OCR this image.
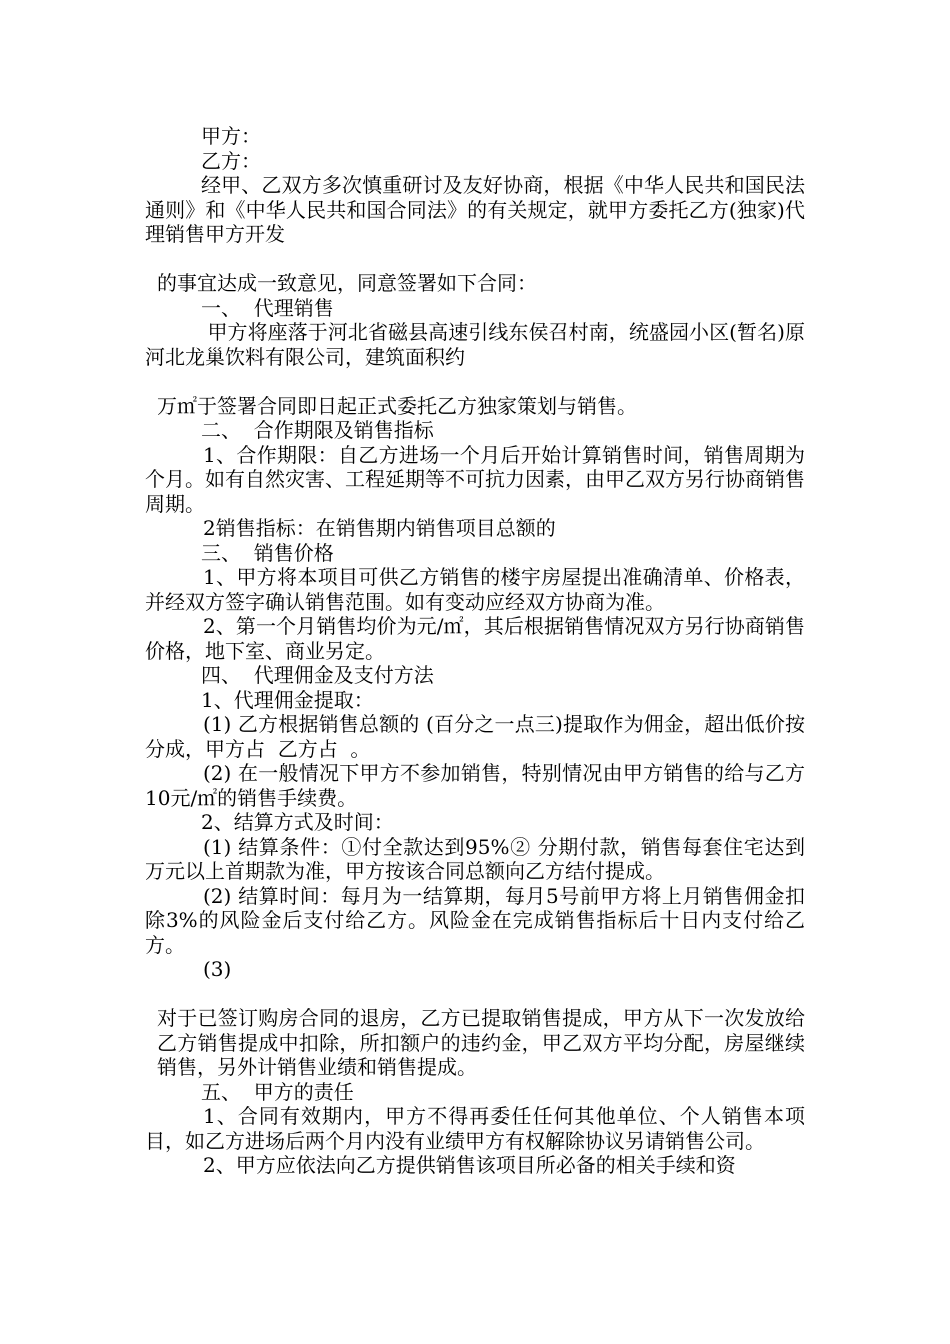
甲方：

乙方：

经甲、乙双方多次慎重研讨及友好协商，根据《中华人民共和国民法通则》和《中华人民共和国合同法》的有关规定，就甲方委托乙方(独家)代理销售甲方开发

的事宜达成一致意见，同意签署如下合同：

一、  代理销售

甲方将座落于河北省磁县高速引线东侯召村南，统盛园小区(暂名)原河北龙巢饮料有限公司，建筑面积约

万㎡于签署合同即日起正式委托乙方独家策划与销售。

二、  合作期限及销售指标

1、合作期限：自乙方进场一个月后开始计算销售时间，销售周期为个月。如有自然灾害、工程延期等不可抗力因素，由甲乙双方另行协商销售周期。

2销售指标：在销售期内销售项目总额的

三、  销售价格

1、甲方将本项目可供乙方销售的楼宇房屋提出准确清单、价格表，并经双方签字确认销售范围。如有变动应经双方协商为准。

2、第一个月销售均价为元/㎡，其后根据销售情况双方另行协商销售价格，地下室、商业另定。

四、  代理佣金及支付方法

1、代理佣金提取：

(1) 乙方根据销售总额的 (百分之一点三)提取作为佣金，超出低价按  分成，甲方占  乙方占  。

(2) 在一般情况下甲方不参加销售，特别情况由甲方销售的给与乙方10元/㎡的销售手续费。

2、结算方式及时间：

(1) 结算条件：①付全款达到95%② 分期付款，销售每套住宅达到  万元以上首期款为准，甲方按该合同总额向乙方结付提成。

(2) 结算时间：每月为一结算期，每月5号前甲方将上月销售佣金扣除3%的风险金后支付给乙方。风险金在完成销售指标后十日内支付给乙方。

(3)

对于已签订购房合同的退房，乙方已提取销售提成，甲方从下一次发放给乙方销售提成中扣除，所扣额户的违约金，甲乙双方平均分配，房屋继续销售，另外计销售业绩和销售提成。

五、  甲方的责任

1、合同有效期内，甲方不得再委任任何其他单位、个人销售本项目，如乙方进场后两个月内没有业绩甲方有权解除协议另请销售公司。

2、甲方应依法向乙方提供销售该项目所必备的相关手续和资
